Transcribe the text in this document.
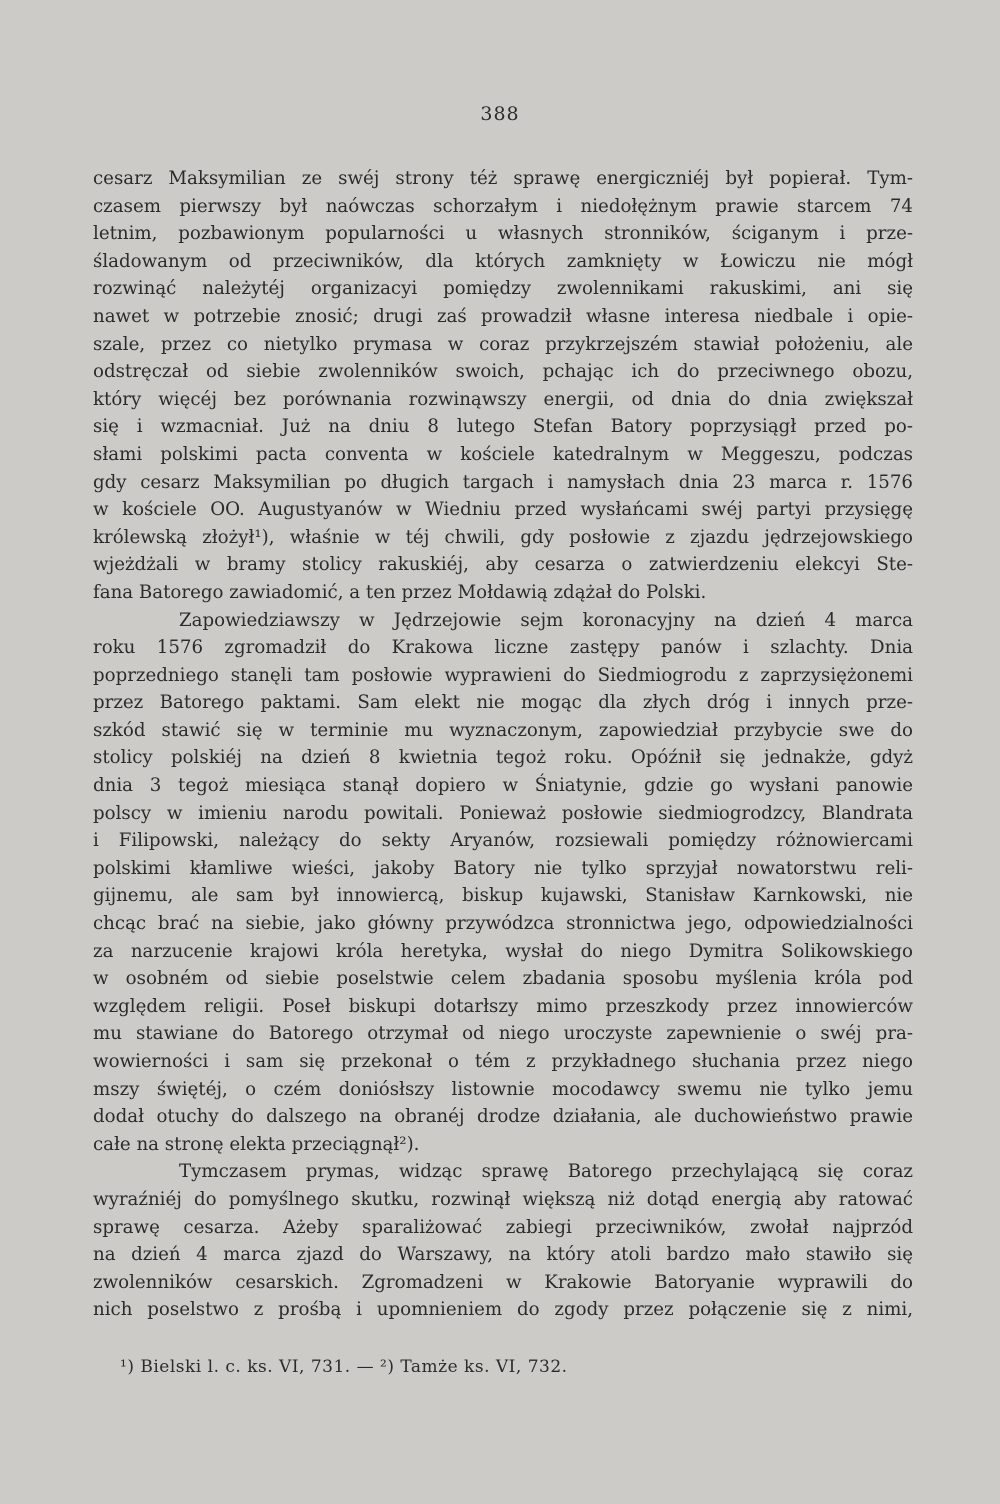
388
cesarz Maksymilian ze swéj strony téż sprawę energiczniéj był popierał. Tym-
czasem pierwszy był naówczas schorzałym i niedołężnym prawie starcem 74
letnim, pozbawionym popularności u własnych stronników, ściganym i prze-
śladowanym od przeciwników, dla których zamknięty w Łowiczu nie mógł
rozwinąć należytéj organizacyi pomiędzy zwolennikami rakuskimi, ani się
nawet w potrzebie znosić; drugi zaś prowadził własne interesa niedbale i opie-
szale, przez co nietylko prymasa w coraz przykrzejszém stawiał położeniu, ale
odstręczał od siebie zwolenników swoich, pchając ich do przeciwnego obozu,
który więcéj bez porównania rozwinąwszy energii, od dnia do dnia zwiększał
się i wzmacniał. Już na dniu 8 lutego Stefan Batory poprzysiągł przed po-
słami polskimi pacta conventa w kościele katedralnym w Meggeszu, podczas
gdy cesarz Maksymilian po długich targach i namysłach dnia 23 marca r. 1576
w kościele OO. Augustyanów w Wiedniu przed wysłańcami swéj partyi przysięgę
królewską złożył¹), właśnie w téj chwili, gdy posłowie z zjazdu jędrzejowskiego
wjeżdżali w bramy stolicy rakuskiéj, aby cesarza o zatwierdzeniu elekcyi Ste-
fana Batorego zawiadomić, a ten przez Mołdawią zdążał do Polski.
Zapowiedziawszy w Jędrzejowie sejm koronacyjny na dzień 4 marca
roku 1576 zgromadził do Krakowa liczne zastępy panów i szlachty. Dnia
poprzedniego stanęli tam posłowie wyprawieni do Siedmiogrodu z zaprzysiężonemi
przez Batorego paktami. Sam elekt nie mogąc dla złych dróg i innych prze-
szkód stawić się w terminie mu wyznaczonym, zapowiedział przybycie swe do
stolicy polskiéj na dzień 8 kwietnia tegoż roku. Opóźnił się jednakże, gdyż
dnia 3 tegoż miesiąca stanął dopiero w Śniatynie, gdzie go wysłani panowie
polscy w imieniu narodu powitali. Ponieważ posłowie siedmiogrodzcy, Blandrata
i Filipowski, należący do sekty Aryanów, rozsiewali pomiędzy różnowiercami
polskimi kłamliwe wieści, jakoby Batory nie tylko sprzyjał nowatorstwu reli-
gijnemu, ale sam był innowiercą, biskup kujawski, Stanisław Karnkowski, nie
chcąc brać na siebie, jako główny przywódzca stronnictwa jego, odpowiedzialności
za narzucenie krajowi króla heretyka, wysłał do niego Dymitra Solikowskiego
w osobném od siebie poselstwie celem zbadania sposobu myślenia króla pod
względem religii. Poseł biskupi dotarłszy mimo przeszkody przez innowierców
mu stawiane do Batorego otrzymał od niego uroczyste zapewnienie o swéj pra-
wowierności i sam się przekonał o tém z przykładnego słuchania przez niego
mszy świętéj, o czém doniósłszy listownie mocodawcy swemu nie tylko jemu
dodał otuchy do dalszego na obranéj drodze działania, ale duchowieństwo prawie
całe na stronę elekta przeciągnął²).
Tymczasem prymas, widząc sprawę Batorego przechylającą się coraz
wyraźniéj do pomyślnego skutku, rozwinął większą niż dotąd energią aby ratować
sprawę cesarza. Ażeby sparaliżować zabiegi przeciwników, zwołał najprzód
na dzień 4 marca zjazd do Warszawy, na który atoli bardzo mało stawiło się
zwolenników cesarskich. Zgromadzeni w Krakowie Batoryanie wyprawili do
nich poselstwo z prośbą i upomnieniem do zgody przez połączenie się z nimi,
¹) Bielski l. c. ks. VI, 731. — ²) Tamże ks. VI, 732.
